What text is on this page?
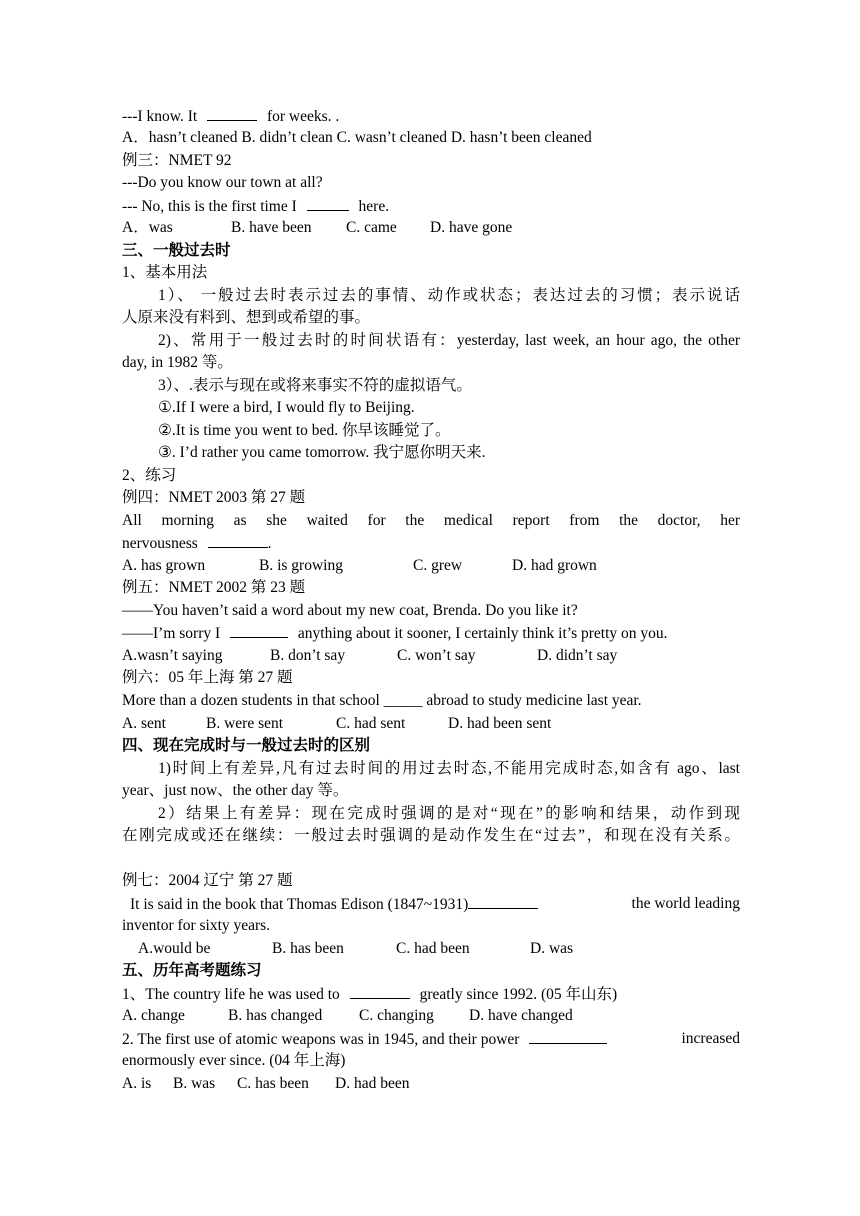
---I know. It	for weeks. .
A．hasn’t cleaned B. didn’t clean C. wasn’t cleaned D. hasn’t been cleaned
例三：NMET 92
---Do you know our town at all?
--- No, this is the first time I	here.
A．was	B. have been C. came D. have gone
三、一般过去时
1、基本用法
1）、 一般过去时表示过去的事情、动作或状态；表达过去的习惯；表示说话
人原来没有料到、想到或希望的事。
2)、常用于一般过去时的时间状语有：yesterday, last week, an hour ago, the other
day, in 1982 等。
3）、.表示与现在或将来事实不符的虚拟语气。
①.If I were a bird, I would fly to Beijing.
②.It is time you went to bed. 你早该睡觉了。
③. I’d rather you came tomorrow. 我宁愿你明天来.
2、练习
例四：NMET 2003 第 27 题
All morning as she waited for the medical report from the doctor, her
nervousness	.
A. has grown	B. is growing	C. grew	D. had grown
例五：NMET 2002 第 23 题
——You haven’t said a word about my new coat, Brenda. Do you like it?
——I’m sorry I	anything about it sooner, I certainly think it’s pretty on you.
A.wasn’t saying	B. don’t say	C. won’t say	D. didn’t say
例六：05 年上海 第 27 题
More than a dozen students in that school _____ abroad to study medicine last year.
A. sent	B. were sent	C. had sent	D. had been sent
四、现在完成时与一般过去时的区别
1)时间上有差异,凡有过去时间的用过去时态,不能用完成时态,如含有 ago、last
year、just now、the other day 等。
2）结果上有差异：现在完成时强调的是对“现在”的影响和结果，动作到现
在刚完成或还在继续：一般过去时强调的是动作发生在“过去”，和现在没有关系。
例七：2004 辽宁 第 27 题
It is said in the book that Thomas Edison (1847~1931)	the world leading
inventor for sixty years.
A.would be	B. has been	C. had been	D. was
五、历年高考题练习
1、The country life he was used to	greatly since 1992. (05 年山东)
A. change	B. has changed C. changing D. have changed
2. The first use of atomic weapons was in 1945, and their power	increased
enormously ever since. (04 年上海)
A. is B. was C. has been D. had been
